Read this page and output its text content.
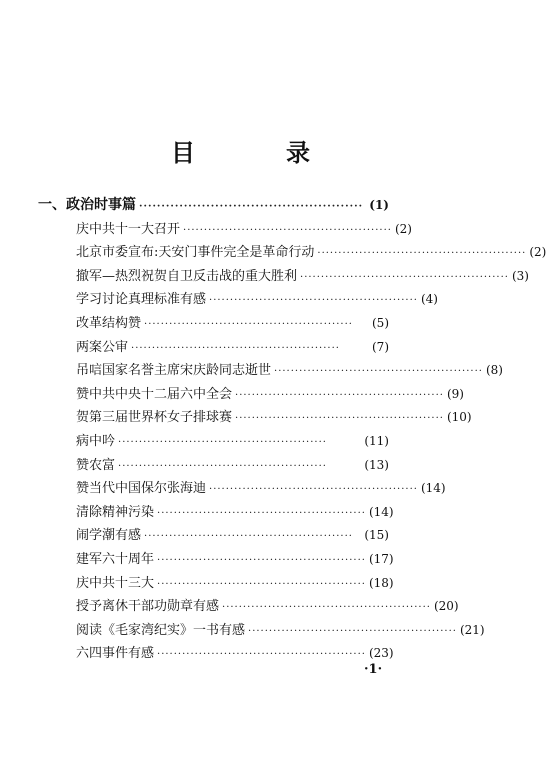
目	录
一、政治时事篇 ·················································· (1)
庆中共十一大召开 ·················································· (2)
北京市委宣布:天安门事件完全是革命行动 ·················································· (2)
撤军—热烈祝贺自卫反击战的重大胜利 ·················································· (3)
学习讨论真理标准有感 ·················································· (4)
改革结构赞 ··················································	(5)
两案公审 ··················································	(7)
吊唁国家名誉主席宋庆龄同志逝世 ·················································· (8)
赞中共中央十二届六中全会 ·················································· (9)
贺第三届世界杯女子排球赛 ·················································· (10)
病中吟 ··················································	(11)
赞农富 ··················································	(13)
赞当代中国保尔张海迪 ·················································· (14)
清除精神污染 ·················································· (14)
闹学潮有感 ·················································· (15)
建军六十周年 ·················································· (17)
庆中共十三大 ·················································· (18)
授予离休干部功勋章有感 ·················································· (20)
阅读《毛家湾纪实》一书有感 ·················································· (21)
六四事件有感 ·················································· (23)
·1·
